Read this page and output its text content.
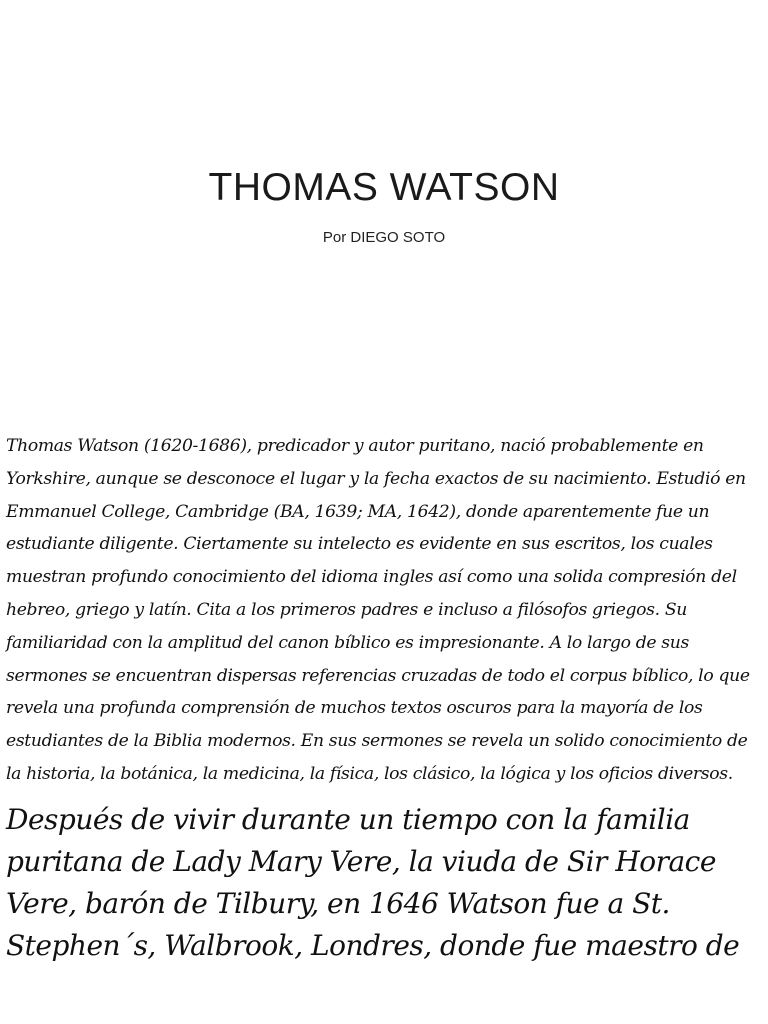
THOMAS WATSON

Por DIEGO SOTO

Thomas Watson (1620-1686), predicador y autor puritano, nació probablemente en Yorkshire, aunque se desconoce el lugar y la fecha exactos de su nacimiento. Estudió en Emmanuel College, Cambridge (BA, 1639; MA, 1642), donde aparentemente fue un estudiante diligente. Ciertamente su intelecto es evidente en sus escritos, los cuales muestran profundo conocimiento del idioma ingles así como una solida compresión del hebreo, griego y latín. Cita a los primeros padres e incluso a filósofos griegos. Su familiaridad con la amplitud del canon bíblico es impresionante. A lo largo de sus sermones se encuentran dispersas referencias cruzadas de todo el corpus bíblico, lo que revela una profunda comprensión de muchos textos oscuros para la mayoría de los estudiantes de la Biblia modernos. En sus sermones se revela un solido conocimiento de la historia, la botánica, la medicina, la física, los clásico, la lógica y los oficios diversos.

Después de vivir durante un tiempo con la familia puritana de Lady Mary Vere, la viuda de Sir Horace Vere, barón de Tilbury, en 1646 Watson fue a St. Stephen´s, Walbrook, Londres, donde fue maestro de
